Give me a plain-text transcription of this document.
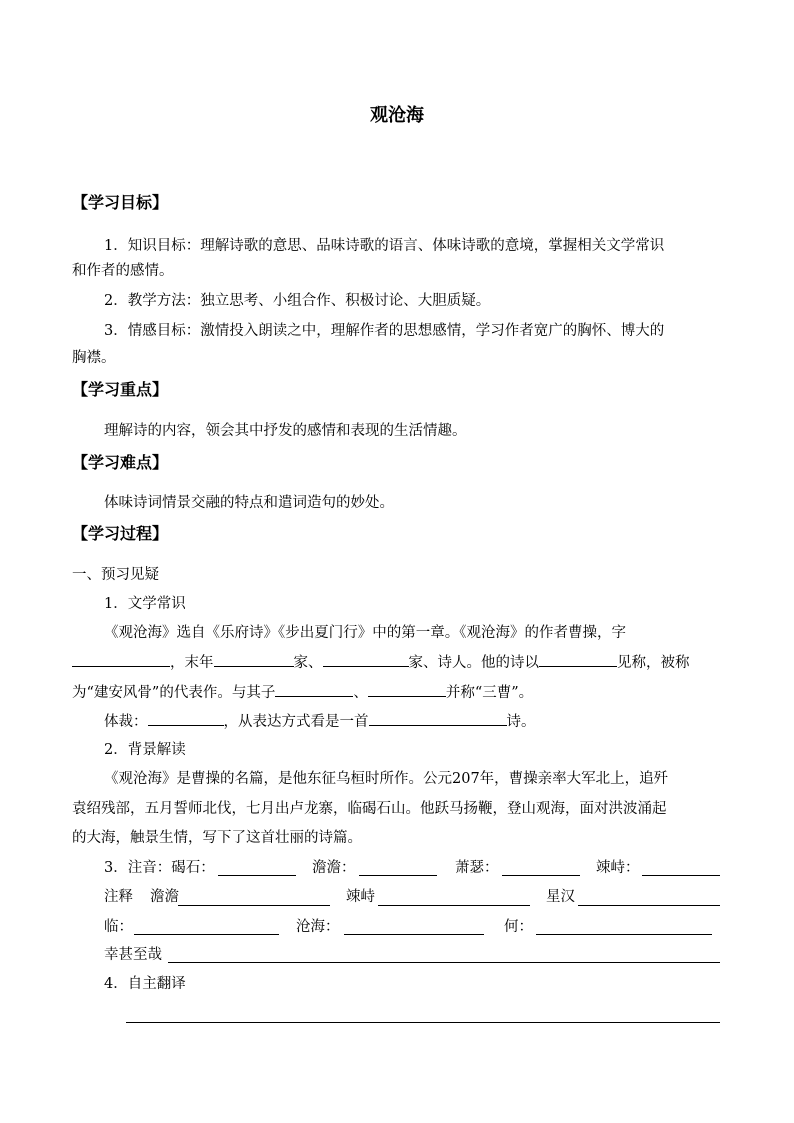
观沧海
【学习目标】
1．知识目标：理解诗歌的意思、品味诗歌的语言、体味诗歌的意境，掌握相关文学常识
和作者的感情。
2．教学方法：独立思考、小组合作、积极讨论、大胆质疑。
3．情感目标：激情投入朗读之中，理解作者的思想感情，学习作者宽广的胸怀、博大的
胸襟。
【学习重点】
理解诗的内容，领会其中抒发的感情和表现的生活情趣。
【学习难点】
体味诗词情景交融的特点和遣词造句的妙处。
【学习过程】
一、预习见疑
1．文学常识
《观沧海》选自《乐府诗》《步出夏门行》中的第一章。《观沧海》的作者曹操，字
，末年	家、	家、诗人。他的诗以	见称，被称
为“建安风骨”的代表作。与其子	、	并称“三曹”。
体裁：	，从表达方式看是一首	诗。
2．背景解读
《观沧海》是曹操的名篇，是他东征乌桓时所作。公元207年，曹操亲率大军北上，追歼
袁绍残部，五月誓师北伐，七月出卢龙寨，临碣石山。他跃马扬鞭，登山观海，面对洪波涌起
的大海，触景生情，写下了这首壮丽的诗篇。
3．注音：碣石：	澹澹：	萧瑟：	竦峙：
注释 澹澹	竦峙	星汉
临：	沧海：	何：
幸甚至哉
4．自主翻译
